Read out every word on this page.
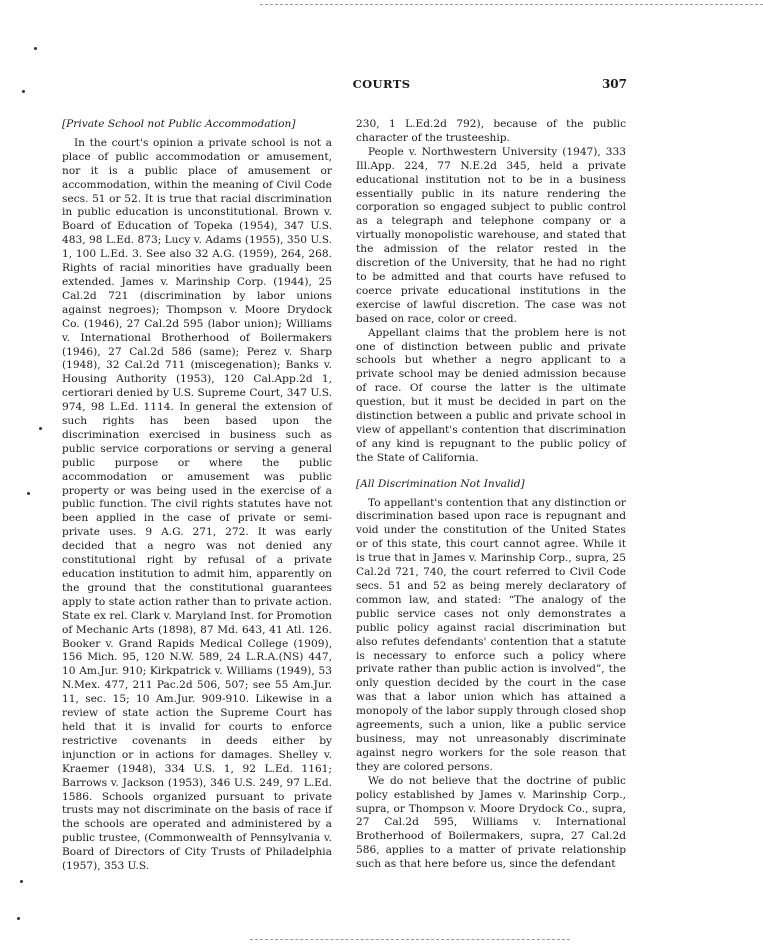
COURTS	307
[Private School not Public Accommodation]

In the court's opinion a private school is not a place of public accommodation or amusement, nor it is a public place of amusement or accommodation, within the meaning of Civil Code secs. 51 or 52. It is true that racial discrimination in public education is unconstitutional. Brown v. Board of Education of Topeka (1954), 347 U.S. 483, 98 L.Ed. 873; Lucy v. Adams (1955), 350 U.S. 1, 100 L.Ed. 3. See also 32 A.G. (1959), 264, 268. Rights of racial minorities have gradually been extended. James v. Marinship Corp. (1944), 25 Cal.2d 721 (discrimination by labor unions against negroes); Thompson v. Moore Drydock Co. (1946), 27 Cal.2d 595 (labor union); Williams v. International Brotherhood of Boilermakers (1946), 27 Cal.2d 586 (same); Perez v. Sharp (1948), 32 Cal.2d 711 (miscegenation); Banks v. Housing Authority (1953), 120 Cal.App.2d 1, certiorari denied by U.S. Supreme Court, 347 U.S. 974, 98 L.Ed. 1114. In general the extension of such rights has been based upon the discrimination exercised in business such as public service corporations or serving a general public purpose or where the public accommodation or amusement was public property or was being used in the exercise of a public function. The civil rights statutes have not been applied in the case of private or semi-private uses. 9 A.G. 271, 272. It was early decided that a negro was not denied any constitutional right by refusal of a private education institution to admit him, apparently on the ground that the constitutional guarantees apply to state action rather than to private action. State ex rel. Clark v. Maryland Inst. for Promotion of Mechanic Arts (1898), 87 Md. 643, 41 Atl. 126. Booker v. Grand Rapids Medical College (1909), 156 Mich. 95, 120 N.W. 589, 24 L.R.A.(NS) 447, 10 Am.Jur. 910; Kirkpatrick v. Williams (1949), 53 N.Mex. 477, 211 Pac.2d 506, 507; see 55 Am.Jur. 11, sec. 15; 10 Am.Jur. 909-910. Likewise in a review of state action the Supreme Court has held that it is invalid for courts to enforce restrictive covenants in deeds either by injunction or in actions for damages. Shelley v. Kraemer (1948), 334 U.S. 1, 92 L.Ed. 1161; Barrows v. Jackson (1953), 346 U.S. 249, 97 L.Ed. 1586. Schools organized pursuant to private trusts may not discriminate on the basis of race if the schools are operated and administered by a public trustee, (Commonwealth of Pennsylvania v. Board of Directors of City Trusts of Philadelphia (1957), 353 U.S.

230, 1 L.Ed.2d 792), because of the public character of the trusteeship.

People v. Northwestern University (1947), 333 Ill.App. 224, 77 N.E.2d 345, held a private educational institution not to be in a business essentially public in its nature rendering the corporation so engaged subject to public control as a telegraph and telephone company or a virtually monopolistic warehouse, and stated that the admission of the relator rested in the discretion of the University, that he had no right to be admitted and that courts have refused to coerce private educational institutions in the exercise of lawful discretion. The case was not based on race, color or creed.

Appellant claims that the problem here is not one of distinction between public and private schools but whether a negro applicant to a private school may be denied admission because of race. Of course the latter is the ultimate question, but it must be decided in part on the distinction between a public and private school in view of appellant's contention that discrimination of any kind is repugnant to the public policy of the State of California.

[All Discrimination Not Invalid]

To appellant's contention that any distinction or discrimination based upon race is repugnant and void under the constitution of the United States or of this state, this court cannot agree. While it is true that in James v. Marinship Corp., supra, 25 Cal.2d 721, 740, the court referred to Civil Code secs. 51 and 52 as being merely declaratory of common law, and stated: “The analogy of the public service cases not only demonstrates a public policy against racial discrimination but also refutes defendants' contention that a statute is necessary to enforce such a policy where private rather than public action is involved”, the only question decided by the court in the case was that a labor union which has attained a monopoly of the labor supply through closed shop agreements, such a union, like a public service business, may not unreasonably discriminate against negro workers for the sole reason that they are colored persons.

We do not believe that the doctrine of public policy established by James v. Marinship Corp., supra, or Thompson v. Moore Drydock Co., supra, 27 Cal.2d 595, Williams v. International Brotherhood of Boilermakers, supra, 27 Cal.2d 586, applies to a matter of private relationship such as that here before us, since the defendant
